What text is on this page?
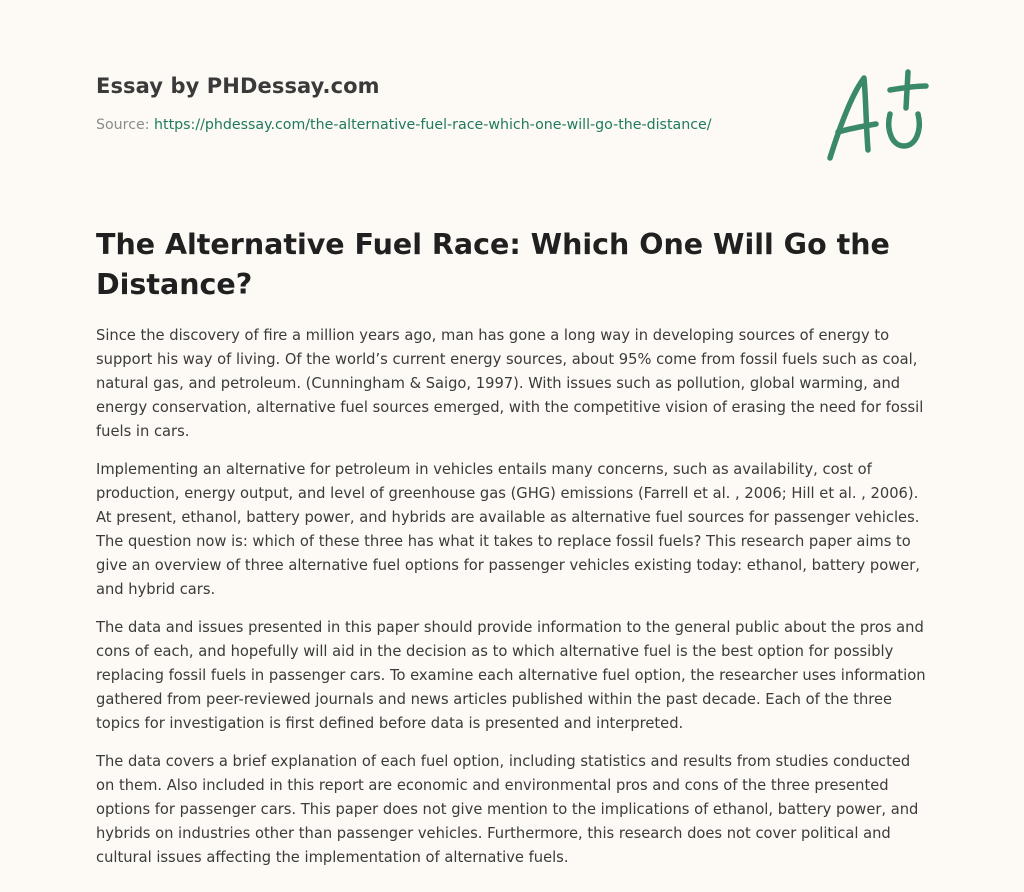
Essay by PHDessay.com
Source: https://phdessay.com/the-alternative-fuel-race-which-one-will-go-the-distance/
The Alternative Fuel Race: Which One Will Go the Distance?

Since the discovery of fire a million years ago, man has gone a long way in developing sources of energy to support his way of living. Of the world’s current energy sources, about 95% come from fossil fuels such as coal, natural gas, and petroleum. (Cunningham & Saigo, 1997). With issues such as pollution, global warming, and energy conservation, alternative fuel sources emerged, with the competitive vision of erasing the need for fossil fuels in cars.

Implementing an alternative for petroleum in vehicles entails many concerns, such as availability, cost of production, energy output, and level of greenhouse gas (GHG) emissions (Farrell et al. , 2006; Hill et al. , 2006). At present, ethanol, battery power, and hybrids are available as alternative fuel sources for passenger vehicles. The question now is: which of these three has what it takes to replace fossil fuels? This research paper aims to give an overview of three alternative fuel options for passenger vehicles existing today: ethanol, battery power, and hybrid cars.

The data and issues presented in this paper should provide information to the general public about the pros and cons of each, and hopefully will aid in the decision as to which alternative fuel is the best option for possibly replacing fossil fuels in passenger cars. To examine each alternative fuel option, the researcher uses information gathered from peer-reviewed journals and news articles published within the past decade. Each of the three topics for investigation is first defined before data is presented and interpreted.

The data covers a brief explanation of each fuel option, including statistics and results from studies conducted on them. Also included in this report are economic and environmental pros and cons of the three presented options for passenger cars. This paper does not give mention to the implications of ethanol, battery power, and hybrids on industries other than passenger vehicles. Furthermore, this research does not cover political and cultural issues affecting the implementation of alternative fuels.
